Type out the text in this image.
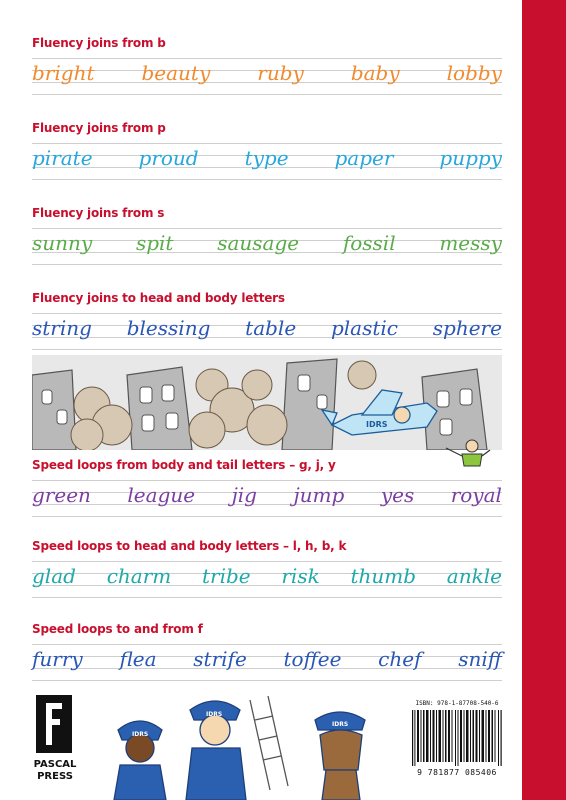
Fluency joins from b
bright beauty ruby baby lobby
Fluency joins from p
pirate proud type paper puppy
Fluency joins from s
sunny spit sausage fossil messy
Fluency joins to head and body letters
string blessing table plastic sphere
IDRS
Speed loops from body and tail letters – g, j, y
green league jig jump yes royal
Speed loops to head and body letters – l, h, b, k
glad charm tribe risk thumb ankle
Speed loops to and from f
furry flea strife toffee chef sniff
PASCAL
PRESS
IDRS
IDRS
IDRS
ISBN: 978-1-87708-540-6
9 781877 085406
